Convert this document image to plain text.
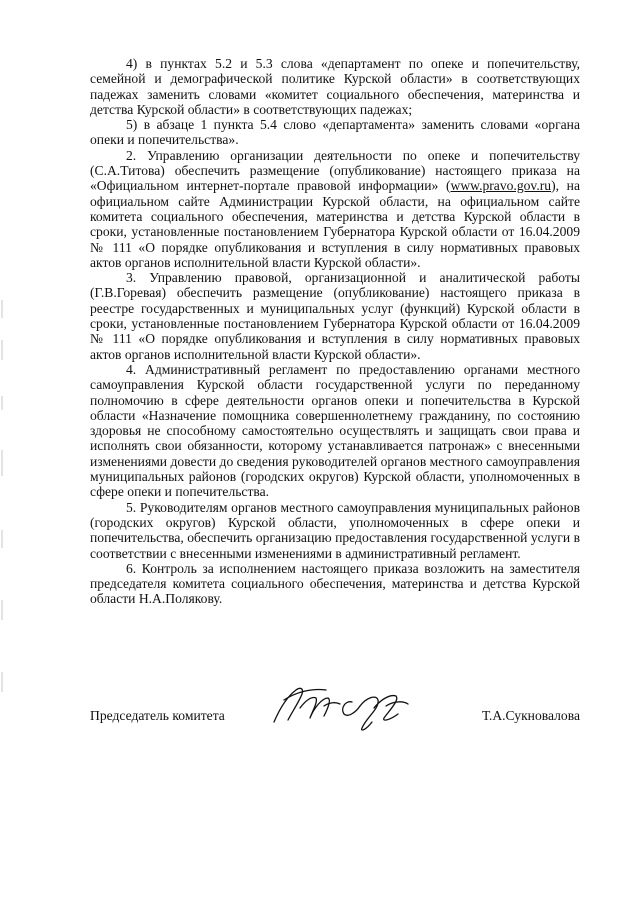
4) в пунктах 5.2 и 5.3 слова «департамент по опеке и попечительству, семейной и демографической политике Курской области» в соответствующих падежах заменить словами «комитет социального обеспечения, материнства и детства Курской области» в соответствующих падежах;

5) в абзаце 1 пункта 5.4 слово «департамента» заменить словами «органа опеки и попечительства».

2. Управлению организации деятельности по опеке и попечительству (С.А.Титова) обеспечить размещение (опубликование) настоящего приказа на «Официальном интернет-портале правовой информации» (www.pravo.gov.ru), на официальном сайте Администрации Курской области, на официальном сайте комитета социального обеспечения, материнства и детства Курской области в сроки, установленные постановлением Губернатора Курской области от 16.04.2009 № 111 «О порядке опубликования и вступления в силу нормативных правовых актов органов исполнительной власти Курской области».

3. Управлению правовой, организационной и аналитической работы (Г.В.Горевая) обеспечить размещение (опубликование) настоящего приказа в реестре государственных и муниципальных услуг (функций) Курской области в сроки, установленные постановлением Губернатора Курской области от 16.04.2009 № 111 «О порядке опубликования и вступления в силу нормативных правовых актов органов исполнительной власти Курской области».

4. Административный регламент по предоставлению органами местного самоуправления Курской области государственной услуги по переданному полномочию в сфере деятельности органов опеки и попечительства в Курской области «Назначение помощника совершеннолетнему гражданину, по состоянию здоровья не способному самостоятельно осуществлять и защищать свои права и исполнять свои обязанности, которому устанавливается патронаж» с внесенными изменениями довести до сведения руководителей органов местного самоуправления муниципальных районов (городских округов) Курской области, уполномоченных в сфере опеки и попечительства.

5. Руководителям органов местного самоуправления муниципальных районов (городских округов) Курской области, уполномоченных в сфере опеки и попечительства, обеспечить организацию предоставления государственной услуги в соответствии с внесенными изменениями в административный регламент.

6. Контроль за исполнением настоящего приказа возложить на заместителя председателя комитета социального обеспечения, материнства и детства Курской области Н.А.Полякову.

Председатель комитета	Т.А.Сукновалова
